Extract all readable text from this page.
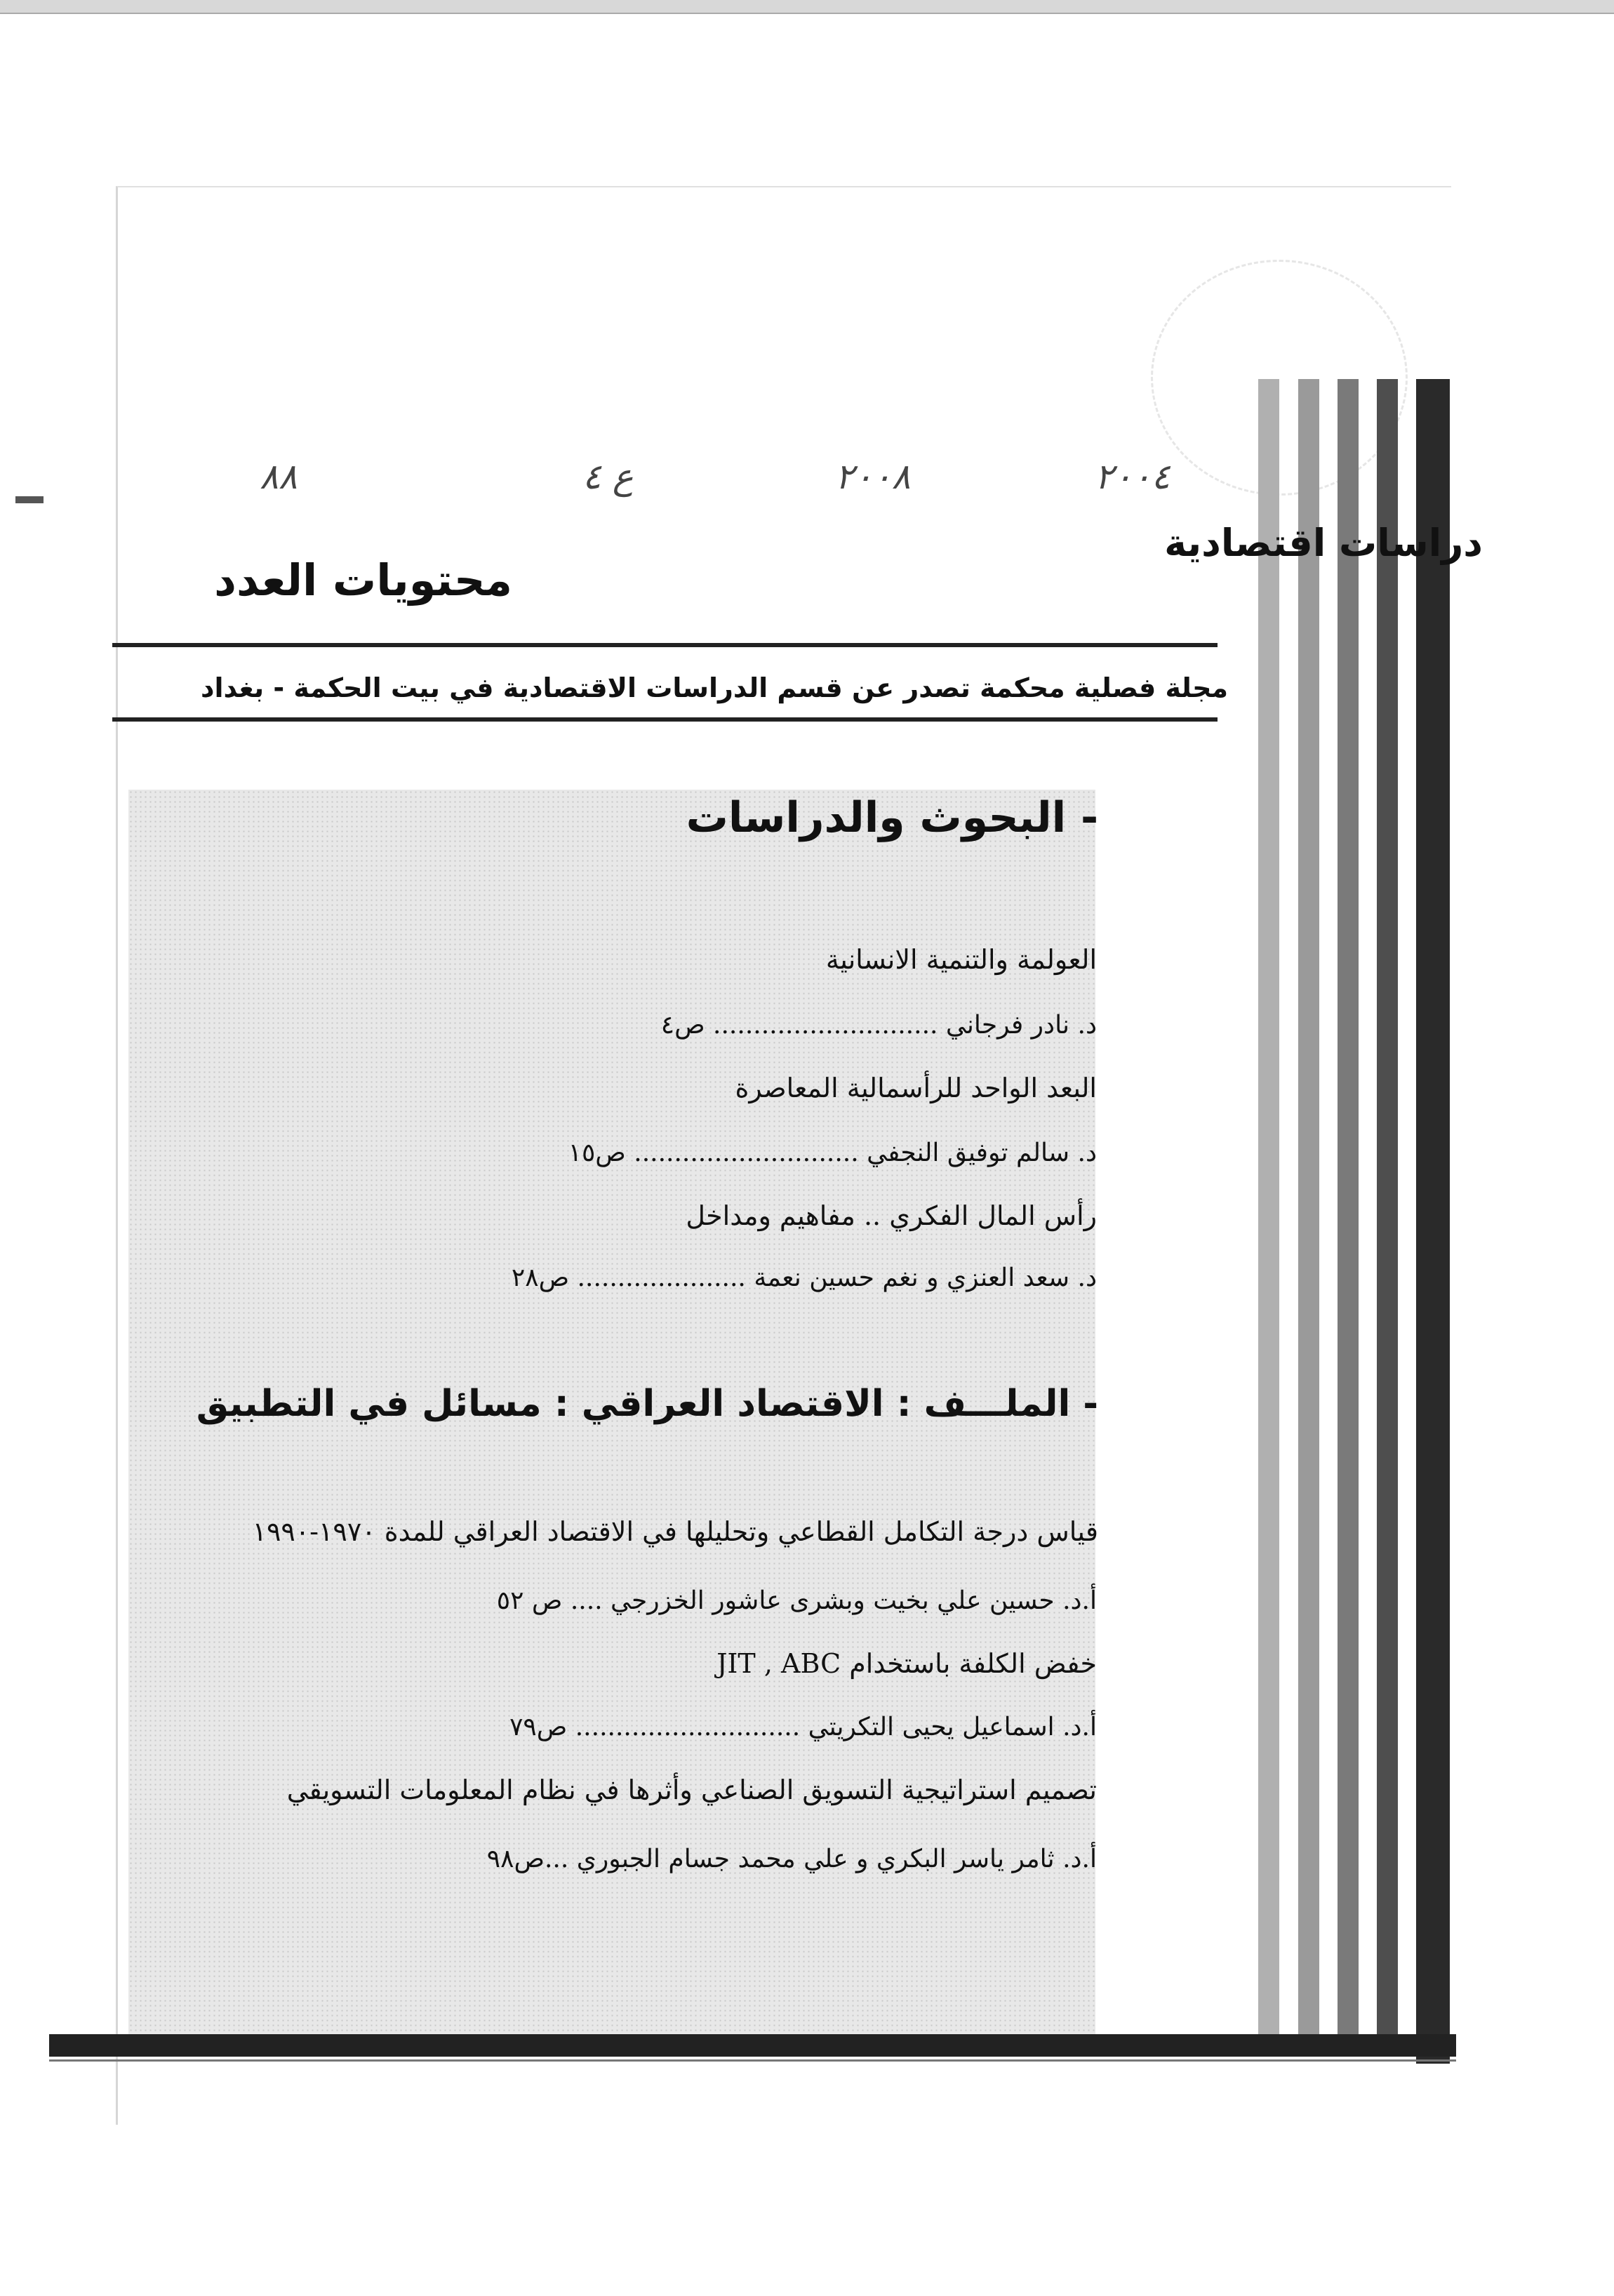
٨٨	ع ٤	٢٠٠٨	٢٠٠٤
دراسات اقتصادية
محتويات العدد
مجلة فصلية محكمة تصدر عن قسم الدراسات الاقتصادية في بيت الحكمة - بغداد
- البحوث والدراسات
العولمة والتنمية الانسانية
د. نادر فرجاني ............................ ص٤
البعد الواحد للرأسمالية المعاصرة
د. سالم توفيق النجفي ............................ ص١٥
رأس المال الفكري .. مفاهيم ومداخل
د. سعد العنزي و نغم حسين نعمة ..................... ص٢٨
- الملـــف : الاقتصاد العراقي : مسائل في التطبيق
قياس درجة التكامل القطاعي وتحليلها في الاقتصاد العراقي للمدة ١٩٧٠-١٩٩٠
أ.د. حسين علي بخيت وبشرى عاشور الخزرجي .... ص ٥٢
خفض الكلفة باستخدام JIT , ABC
أ.د. اسماعيل يحيى التكريتي ............................ ص٧٩
تصميم استراتيجية التسويق الصناعي وأثرها في نظام المعلومات التسويقي
أ.د. ثامر ياسر البكري و علي محمد جسام الجبوري ...ص٩٨
